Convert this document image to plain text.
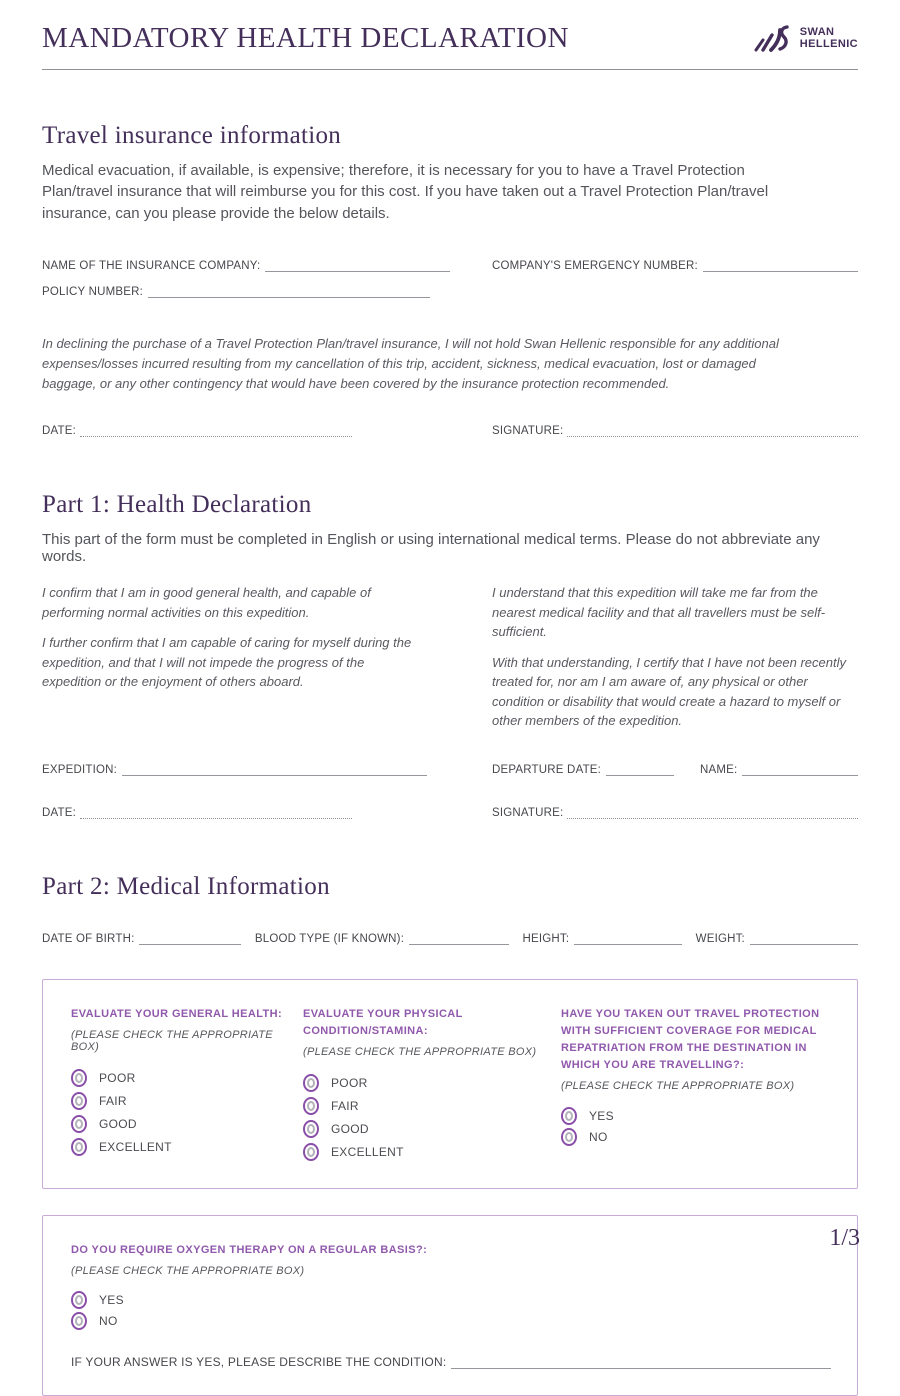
MANDATORY HEALTH DECLARATION	SWAN
HELLENIC
Travel insurance information

Medical evacuation, if available, is expensive; therefore, it is necessary for you to have a Travel Protection Plan/travel insurance that will reimburse you for this cost. If you have taken out a Travel Protection Plan/travel insurance, can you please provide the below details.

NAME OF THE INSURANCE COMPANY:	COMPANY'S EMERGENCY NUMBER:
POLICY NUMBER:

In declining the purchase of a Travel Protection Plan/travel insurance, I will not hold Swan Hellenic responsible for any additional expenses/losses incurred resulting from my cancellation of this trip, accident, sickness, medical evacuation, lost or damaged baggage, or any other contingency that would have been covered by the insurance protection recommended.

DATE:	SIGNATURE:
Part 1: Health Declaration

This part of the form must be completed in English or using international medical terms. Please do not abbreviate any words.

I confirm that I am in good general health, and capable of performing normal activities on this expedition.

I further confirm that I am capable of caring for myself during the expedition, and that I will not impede the progress of the expedition or the enjoyment of others aboard.

I understand that this expedition will take me far from the nearest medical facility and that all travellers must be self-sufficient.

With that understanding, I certify that I have not been recently treated for, nor am I am aware of, any physical or other condition or disability that would create a hazard to myself or other members of the expedition.

EXPEDITION:	DEPARTURE DATE:	NAME:
DATE:	SIGNATURE:
Part 2: Medical Information
DATE OF BIRTH:	BLOOD TYPE (IF KNOWN):	HEIGHT:	WEIGHT:
EVALUATE YOUR GENERAL HEALTH:
(PLEASE CHECK THE APPROPRIATE BOX)
POOR
FAIR
GOOD
EXCELLENT
EVALUATE YOUR PHYSICAL CONDITION/STAMINA:
(PLEASE CHECK THE APPROPRIATE BOX)
POOR
FAIR
GOOD
EXCELLENT
HAVE YOU TAKEN OUT TRAVEL PROTECTION WITH SUFFICIENT COVERAGE FOR MEDICAL REPATRIATION FROM THE DESTINATION IN WHICH YOU ARE TRAVELLING?:
(PLEASE CHECK THE APPROPRIATE BOX)
YES
NO
DO YOU REQUIRE OXYGEN THERAPY ON A REGULAR BASIS?:
(PLEASE CHECK THE APPROPRIATE BOX)
YES
NO
IF YOUR ANSWER IS YES, PLEASE DESCRIBE THE CONDITION:
1/3
